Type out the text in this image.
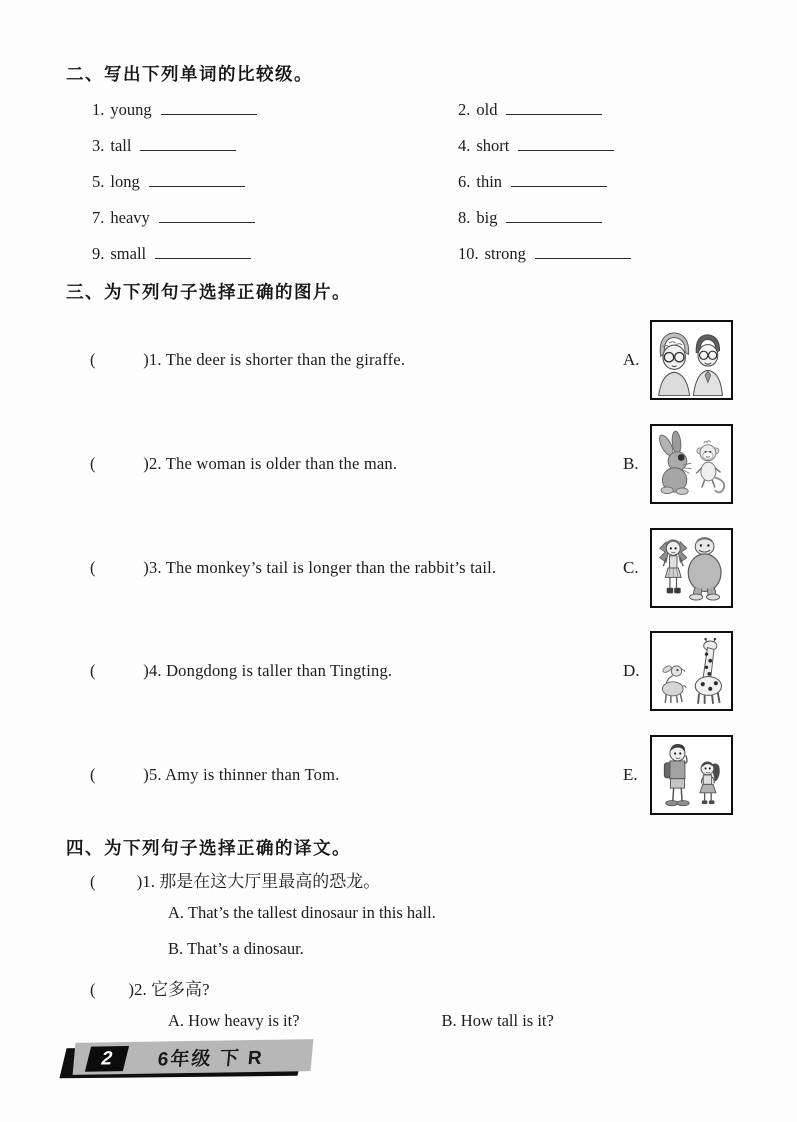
二、写出下列单词的比较级。
1. young	2. old
3. tall	4. short
5. long	6. thin
7. heavy	8. big
9. small	10. strong
三、为下列句子选择正确的图片。
(           )1. The deer is shorter than the giraffe.	A.
(           )2. The woman is older than the man.	B.
(           )3. The monkey’s tail is longer than the rabbit’s tail.	C.
(           )4. Dongdong is taller than Tingting.	D.
(           )5. Amy is thinner than Tom.	E.
四、为下列句子选择正确的译文。
(          )1. 那是在这大厅里最高的恐龙。
A. That’s the tallest dinosaur in this hall.
B. That’s a dinosaur.
(        )2. 它多高?
A. How heavy is it?	B. How tall is it?
2	6年级 下 R
